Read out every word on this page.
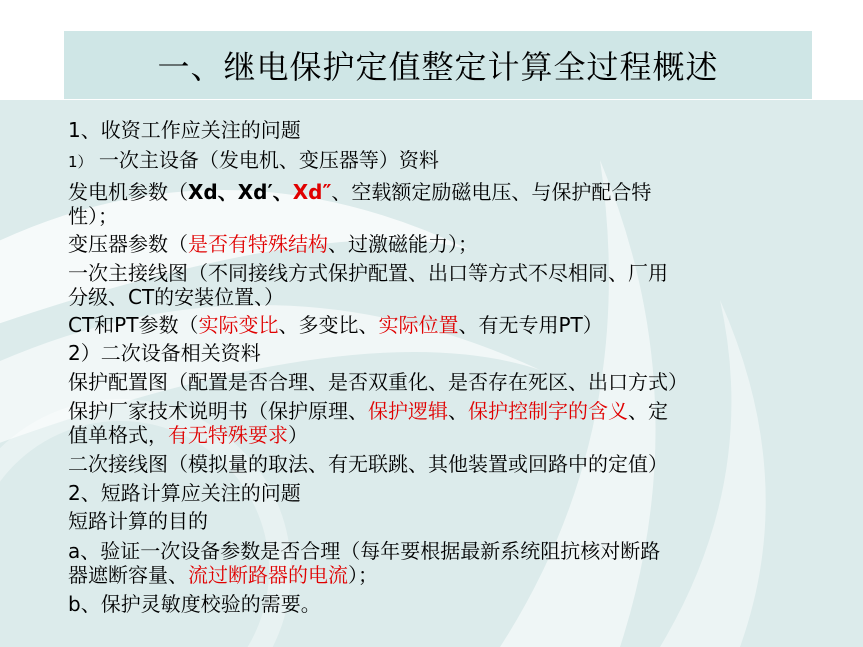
一、继电保护定值整定计算全过程概述
1、收资工作应关注的问题
1） 一次主设备（发电机、变压器等）资料
发电机参数（Xd、Xd′、Xd″、空载额定励磁电压、与保护配合特
性）；
变压器参数（是否有特殊结构、过激磁能力）；
一次主接线图（不同接线方式保护配置、出口等方式不尽相同、厂用
分级、CT的安装位置、）
CT和PT参数（实际变比、多变比、实际位置、有无专用PT）
2）二次设备相关资料
保护配置图（配置是否合理、是否双重化、是否存在死区、出口方式）
保护厂家技术说明书（保护原理、保护逻辑、保护控制字的含义、定
值单格式，有无特殊要求）
二次接线图（模拟量的取法、有无联跳、其他装置或回路中的定值）
2、短路计算应关注的问题
短路计算的目的
a、验证一次设备参数是否合理（每年要根据最新系统阻抗核对断路
器遮断容量、流过断路器的电流）；
b、保护灵敏度校验的需要。
